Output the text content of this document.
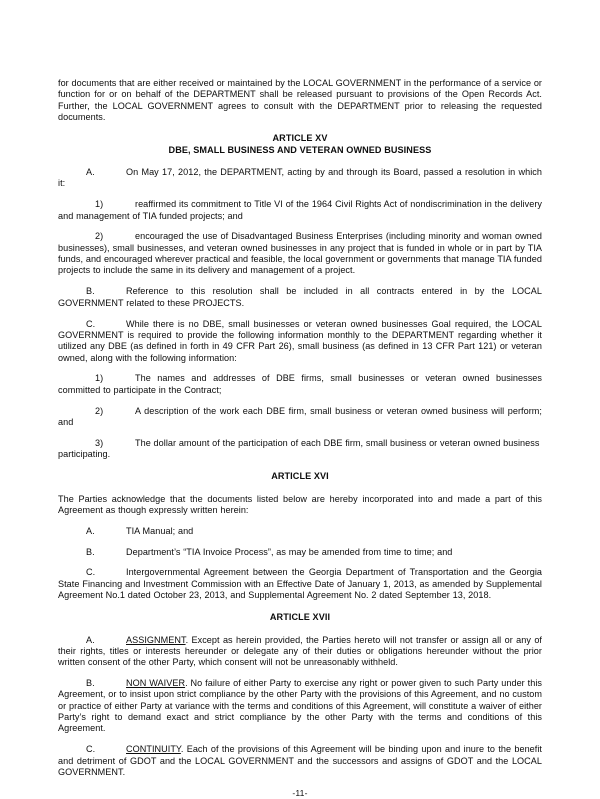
for documents that are either received or maintained by the LOCAL GOVERNMENT in the performance of a service or function for or on behalf of the DEPARTMENT shall be released pursuant to provisions of the Open Records Act. Further, the LOCAL GOVERNMENT agrees to consult with the DEPARTMENT prior to releasing the requested documents.

ARTICLE XV
DBE, SMALL BUSINESS AND VETERAN OWNED BUSINESS

A.	On May 17, 2012, the DEPARTMENT, acting by and through its Board, passed a resolution in which it:

1)	reaffirmed its commitment to Title VI of the 1964 Civil Rights Act of nondiscrimination in the delivery and management of TIA funded projects; and

2)	encouraged the use of Disadvantaged Business Enterprises (including minority and woman owned businesses), small businesses, and veteran owned businesses in any project that is funded in whole or in part by TIA funds, and encouraged wherever practical and feasible, the local government or governments that manage TIA funded projects to include the same in its delivery and management of a project.

B.	Reference to this resolution shall be included in all contracts entered in by the LOCAL GOVERNMENT related to these PROJECTS.

C.	While there is no DBE, small businesses or veteran owned businesses Goal required, the LOCAL GOVERNMENT is required to provide the following information monthly to the DEPARTMENT regarding whether it utilized any DBE (as defined in forth in 49 CFR Part 26), small business (as defined in 13 CFR Part 121) or veteran owned, along with the following information:

1)	The names and addresses of DBE firms, small businesses or veteran owned businesses committed to participate in the Contract;

2)	A description of the work each DBE firm, small business or veteran owned business will perform; and

3)	The dollar amount of the participation of each DBE firm, small business or veteran owned business participating.

ARTICLE XVI

The Parties acknowledge that the documents listed below are hereby incorporated into and made a part of this Agreement as though expressly written herein:

A.	TIA Manual; and

B.	Department’s “TIA Invoice Process”, as may be amended from time to time; and

C.	Intergovernmental Agreement between the Georgia Department of Transportation and the Georgia State Financing and Investment Commission with an Effective Date of January 1, 2013, as amended by Supplemental Agreement No.1 dated October 23, 2013, and Supplemental Agreement No. 2 dated September 13, 2018.

ARTICLE XVII

A.	ASSIGNMENT. Except as herein provided, the Parties hereto will not transfer or assign all or any of their rights, titles or interests hereunder or delegate any of their duties or obligations hereunder without the prior written consent of the other Party, which consent will not be unreasonably withheld.

B.	NON WAIVER. No failure of either Party to exercise any right or power given to such Party under this Agreement, or to insist upon strict compliance by the other Party with the provisions of this Agreement, and no custom or practice of either Party at variance with the terms and conditions of this Agreement, will constitute a waiver of either Party’s right to demand exact and strict compliance by the other Party with the terms and conditions of this Agreement.

C.	CONTINUITY. Each of the provisions of this Agreement will be binding upon and inure to the benefit and detriment of GDOT and the LOCAL GOVERNMENT and the successors and assigns of GDOT and the LOCAL GOVERNMENT.

-11-
